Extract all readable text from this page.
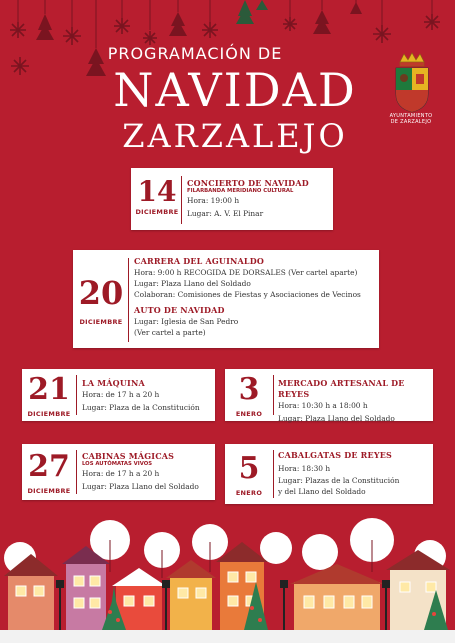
PROGRAMACIÓN DE
NAVIDAD
ZARZALEJO
AYUNTAMIENTO
DE ZARZALEJO
14
DICIEMBRE
CONCIERTO DE NAVIDAD
FILARBANDA MERIDIANO CULTURAL
Hora: 19:00 h
Lugar: A. V. El Pinar
20
DICIEMBRE
CARRERA DEL AGUINALDO
Hora: 9:00 h RECOGIDA DE DORSALES (Ver cartel aparte)
Lugar: Plaza Llano del Soldado
Colaboran: Comisiones de Fiestas y Asociaciones de Vecinos
AUTO DE NAVIDAD
Lugar: Iglesia de San Pedro
(Ver cartel a parte)
21
DICIEMBRE
LA MÁQUINA
Hora: de 17 h a 20 h
Lugar: Plaza de la Constitución
3
ENERO
MERCADO ARTESANAL DE REYES
Hora: 10:30 h a 18:00 h
Lugar: Plaza Llano del Soldado
27
DICIEMBRE
CABINAS MÁGICAS
LOS AUTÓMATAS VIVOS
Hora: de 17 h a 20 h
Lugar: Plaza Llano del Soldado
5
ENERO
CABALGATAS DE REYES
Hora: 18:30 h
Lugar: Plazas de la Constitución
y del Llano del Soldado
